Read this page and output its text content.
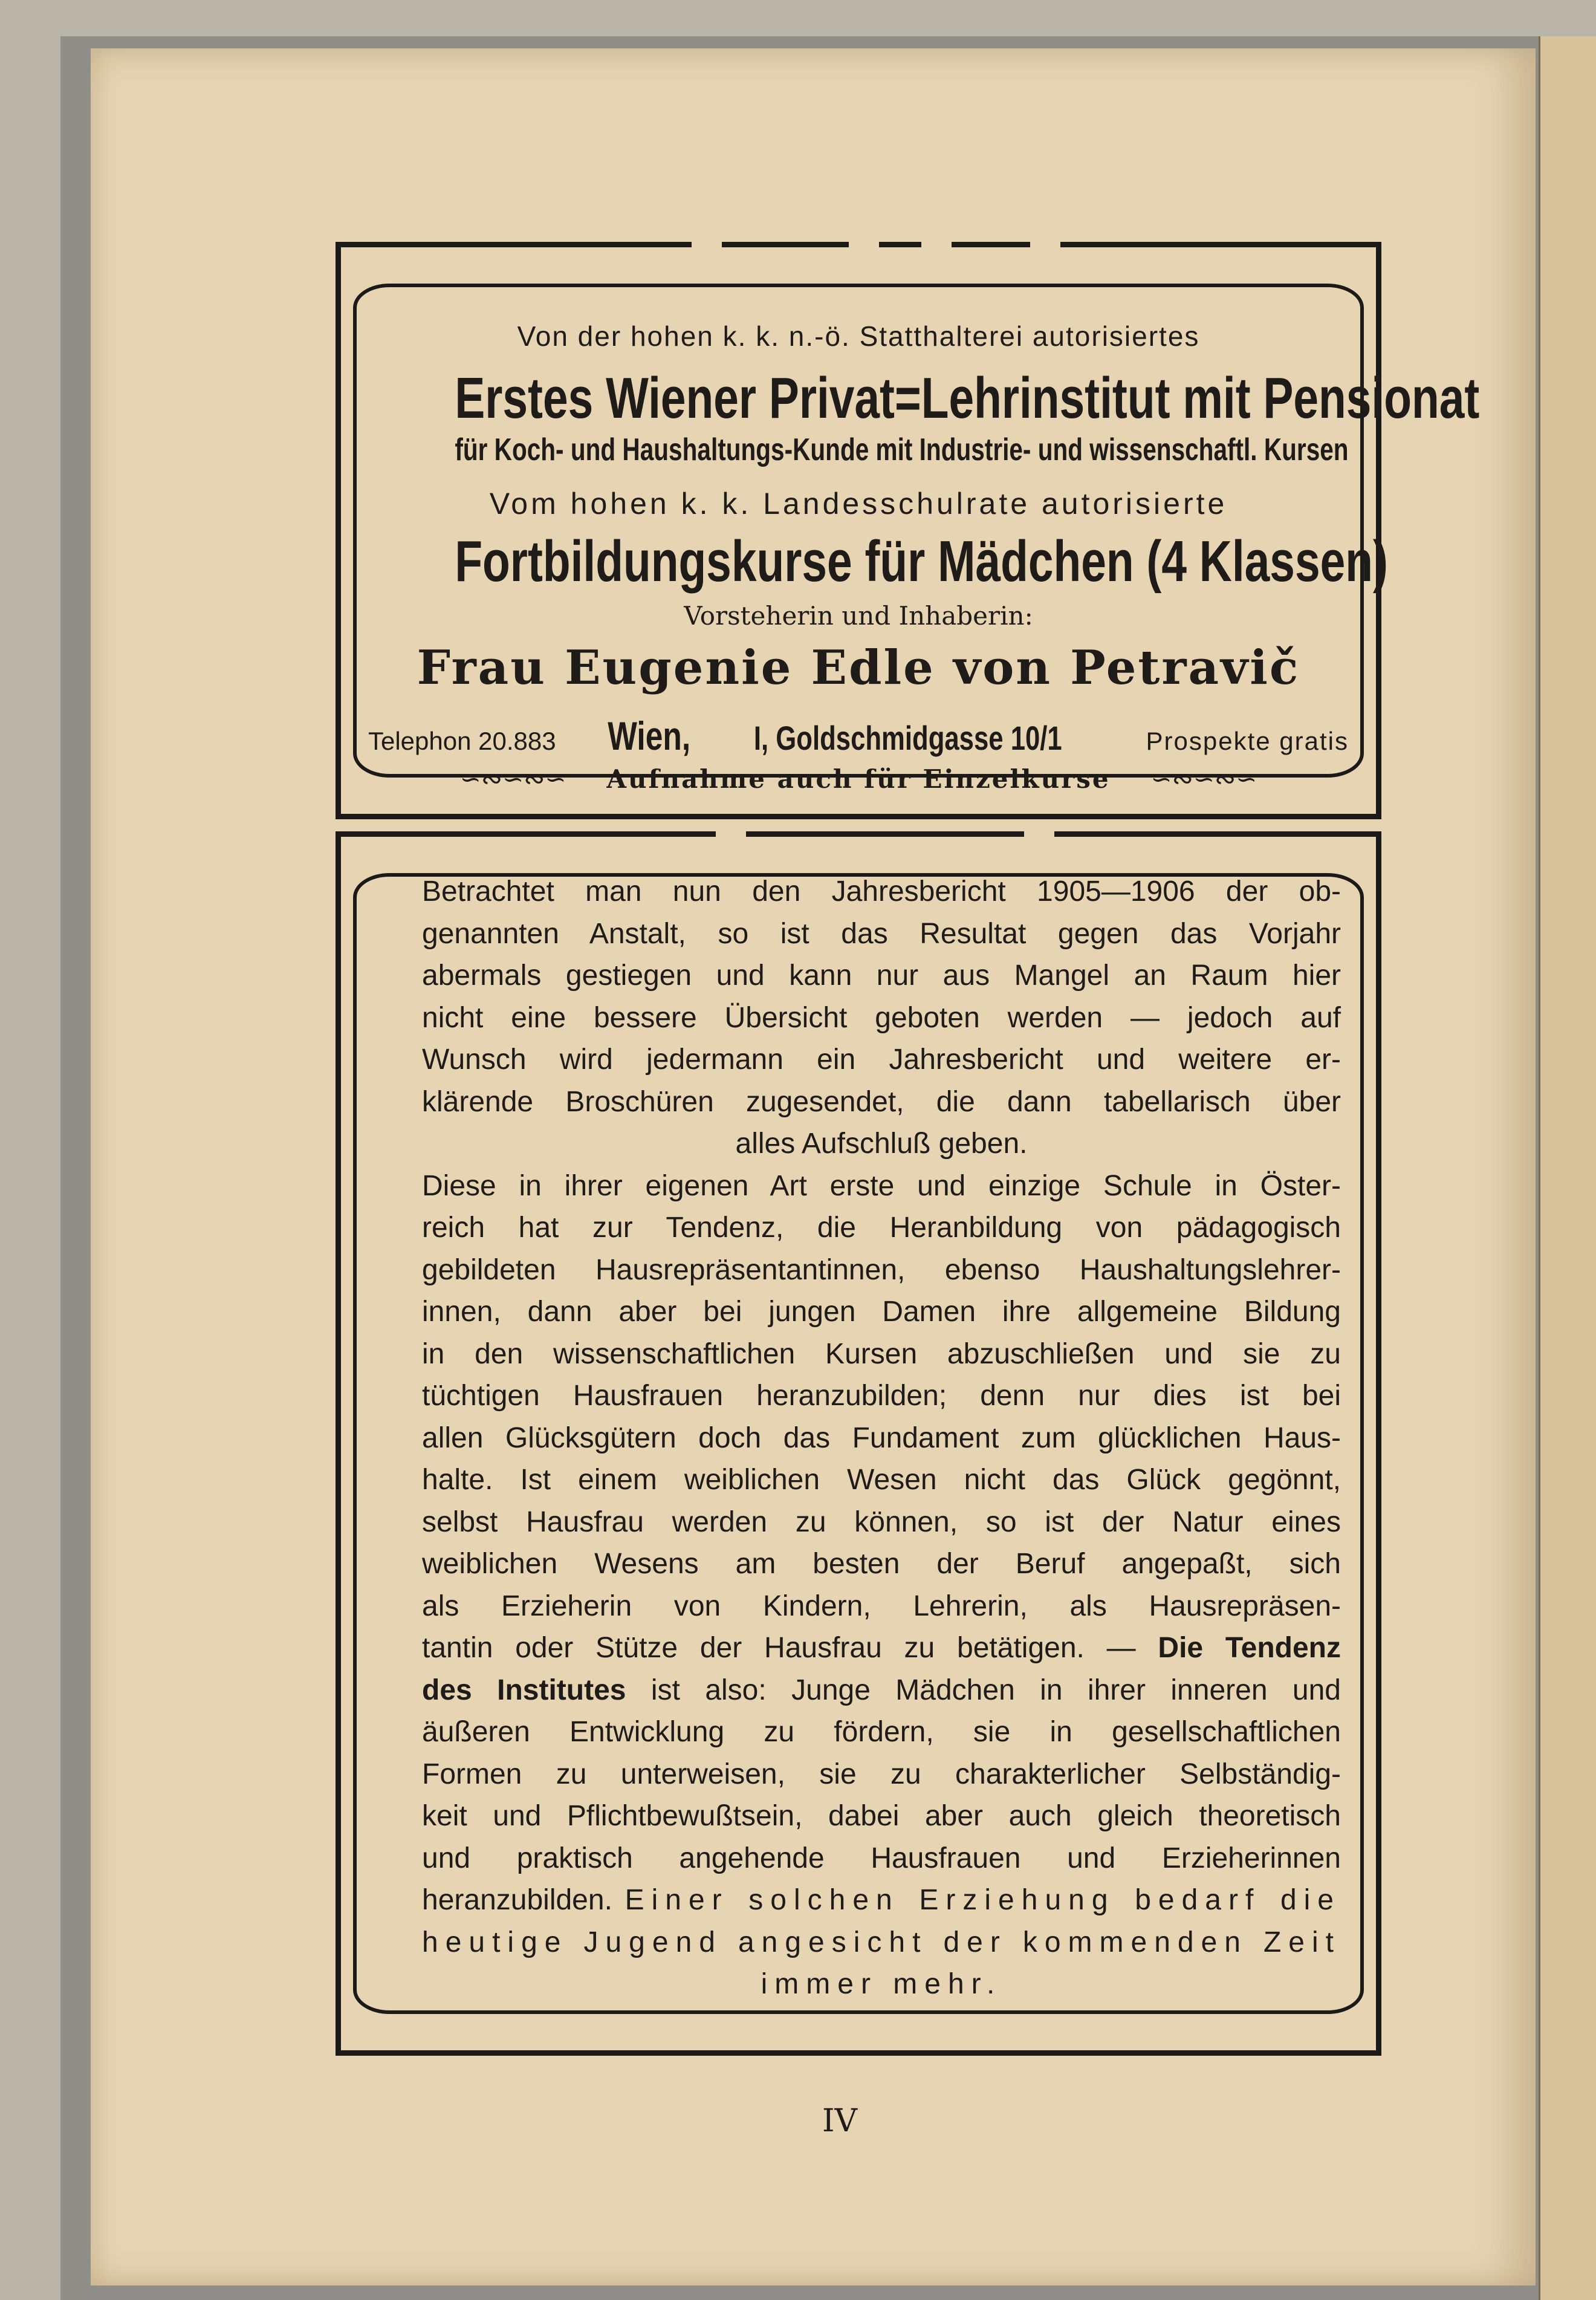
Von der hohen k. k. n.-ö. Statthalterei autorisiertes
Erstes Wiener Privat=Lehrinstitut mit Pensionat
für Koch- und Haushaltungs-Kunde mit Industrie- und wissenschaftl. Kursen
Vom hohen k. k. Landesschulrate autorisierte
Fortbildungskurse für Mädchen (4 Klassen)
Vorsteherin und Inhaberin:
Frau Eugenie Edle von Petravič
Telephon 20.883 Wien, I, Goldschmidgasse 10/1	Prospekte gratis
∽∾∽∾∽ Aufnahme auch für Einzelkurse ∽∾∽∾∽

Betrachtet man nun den Jahresbericht 1905—1906 der ob-

genannten Anstalt, so ist das Resultat gegen das Vorjahr

abermals gestiegen und kann nur aus Mangel an Raum hier

nicht eine bessere Übersicht geboten werden — jedoch auf

Wunsch wird jedermann ein Jahresbericht und weitere er-

klärende Broschüren zugesendet, die dann tabellarisch über

alles Aufschluß geben.

Diese in ihrer eigenen Art erste und einzige Schule in Öster-

reich hat zur Tendenz, die Heranbildung von pädagogisch

gebildeten Hausrepräsentantinnen, ebenso Haushaltungslehrer-

innen, dann aber bei jungen Damen ihre allgemeine Bildung

in den wissenschaftlichen Kursen abzuschließen und sie zu

tüchtigen Hausfrauen heranzubilden; denn nur dies ist bei

allen Glücksgütern doch das Fundament zum glücklichen Haus-

halte. Ist einem weiblichen Wesen nicht das Glück gegönnt,

selbst Hausfrau werden zu können, so ist der Natur eines

weiblichen Wesens am besten der Beruf angepaßt, sich

als Erzieherin von Kindern, Lehrerin, als Hausrepräsen-

tantin oder Stütze der Hausfrau zu betätigen. — Die Tendenz

des Institutes ist also: Junge Mädchen in ihrer inneren und

äußeren Entwicklung zu fördern, sie in gesellschaftlichen

Formen zu unterweisen, sie zu charakterlicher Selbständig-

keit und Pflichtbewußtsein, dabei aber auch gleich theoretisch

und praktisch angehende Hausfrauen und Erzieherinnen

heranzubilden. Einer solchen Erziehung bedarf die

heutige Jugend angesicht der kommenden Zeit

immer mehr.

IV
